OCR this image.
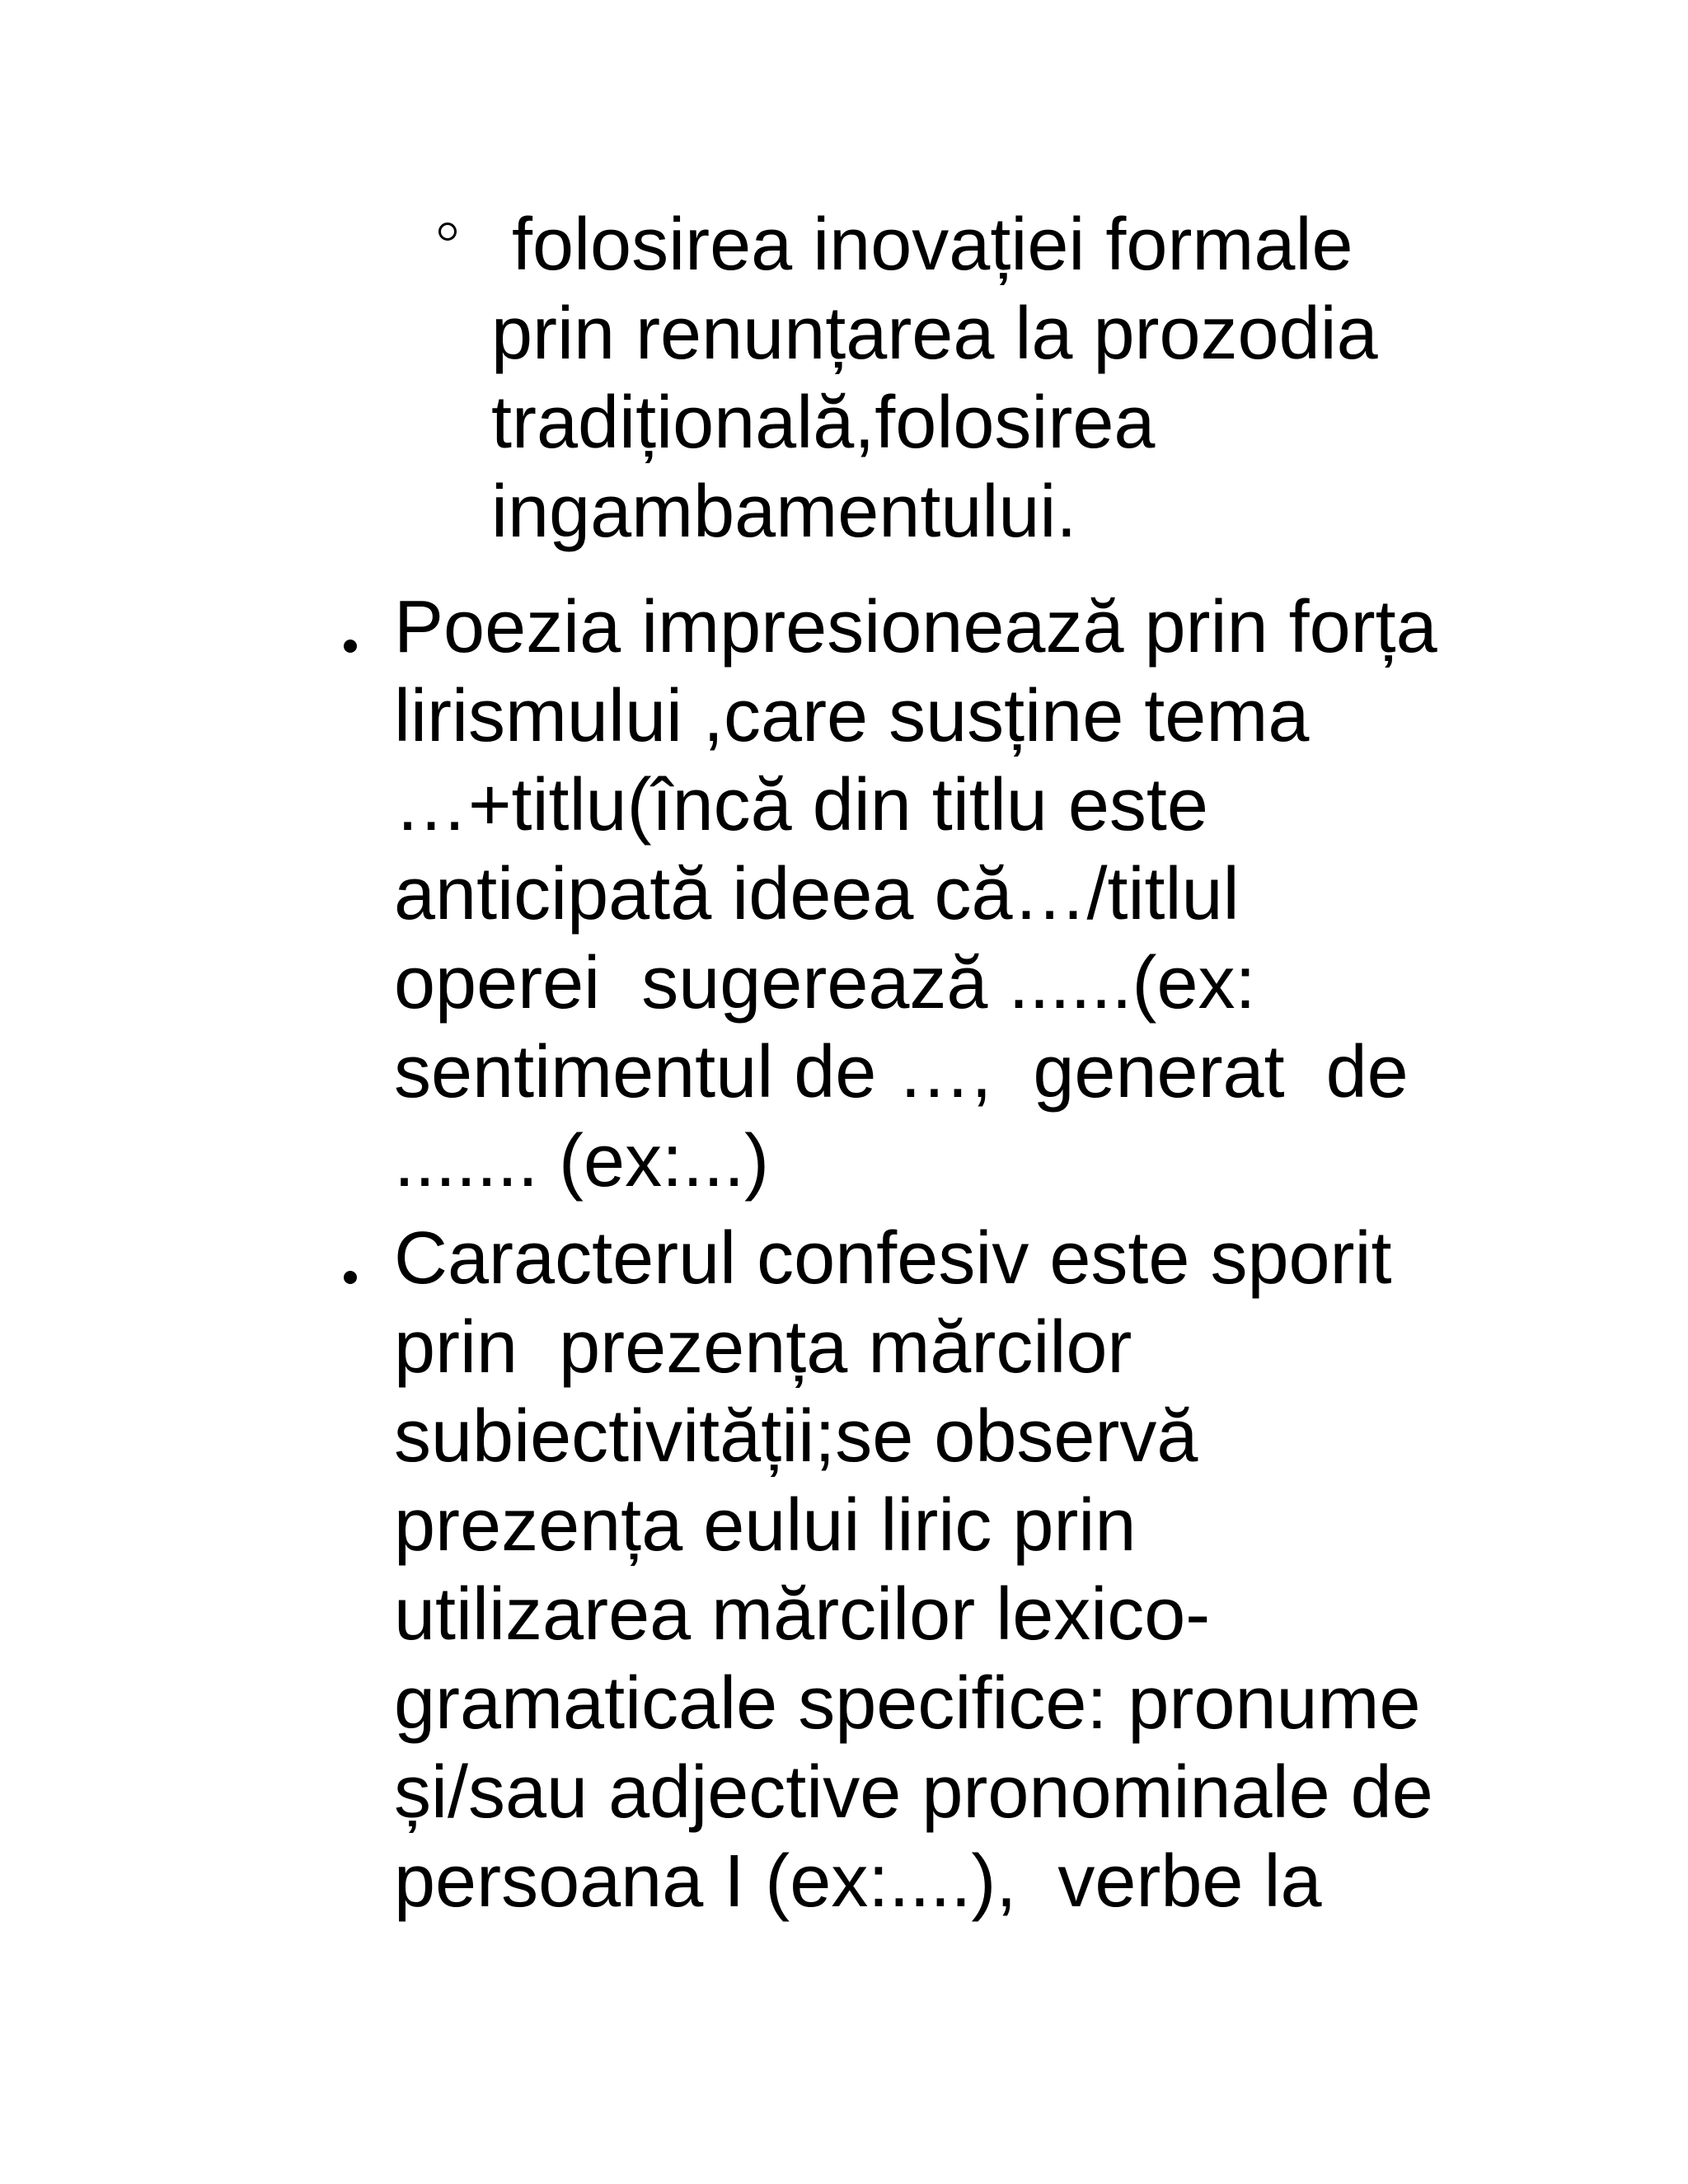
folosirea inovației formale
prin renunțarea la prozodia
tradițională,folosirea
ingambamentului.
Poezia impresionează prin forța
lirismului ,care susține tema
…+titlu(încă din titlu este
anticipată ideea că…/titlul
operei  sugerează ......(ex:
sentimentul de …,  generat  de
....... (ex:...)
Caracterul confesiv este sporit
prin  prezența mărcilor
subiectivității;se observă
prezența eului liric prin
utilizarea mărcilor lexico-
gramaticale specifice: pronume
și/sau adjective pronominale de
persoana I (ex:....),  verbe la
